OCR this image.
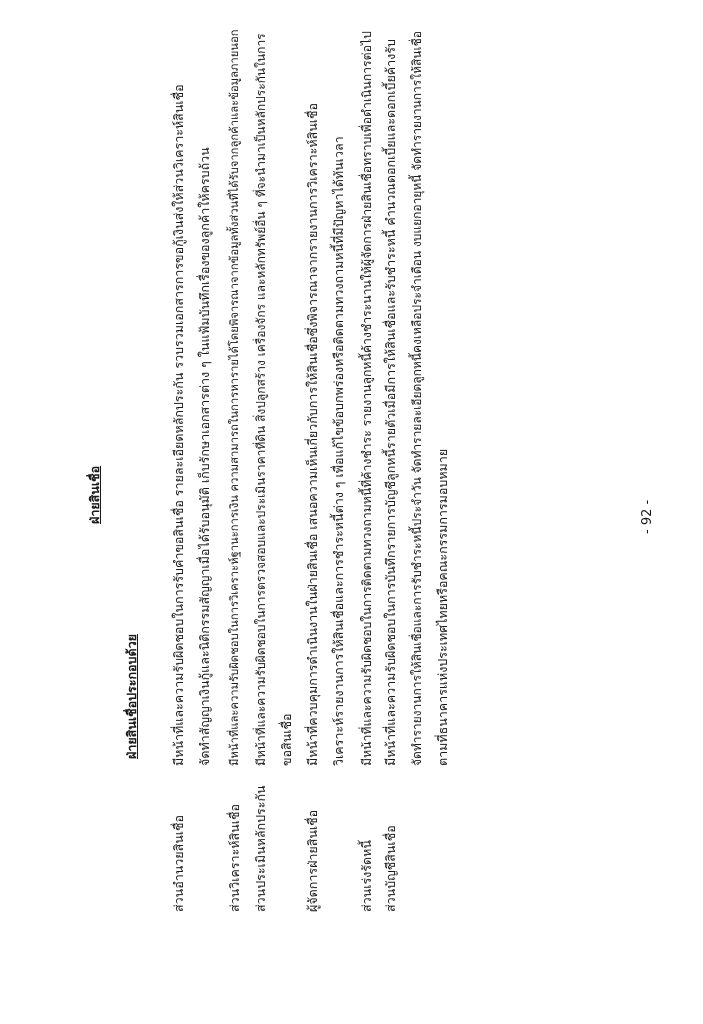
ฝ่ายสินเชื่อ
ฝ่ายสินเชื่อประกอบด้วย
ส่วนอำนวยสินเชื่อ
มีหน้าที่และความรับผิดชอบในการรับคำขอสินเชื่อ รายละเอียดหลักประกัน รวบรวมเอกสารการขอกู้เงินส่งให้ส่วนวิเคราะห์สินเชื่อ จัดทำสัญญาเงินกู้และนิติกรรมสัญญาเมื่อได้รับอนุมัติ เก็บรักษาเอกสารต่าง ๆ ในแฟ้มบันทึกเรื่องของลูกค้าให้ครบถ้วน
ส่วนวิเคราะห์สินเชื่อ
มีหน้าที่และความรับผิดชอบในการวิเคราะห์ฐานะการเงิน ความสามารถในการหารายได้โดยพิจารณาจากข้อมูลทั้งส่วนที่ได้รับจากลูกค้าและข้อมูลภายนอก
ส่วนประเมินหลักประกัน
มีหน้าที่และความรับผิดชอบในการตรวจสอบและประเมินราคาที่ดิน สิ่งปลูกสร้าง เครื่องจักร และหลักทรัพย์อื่น ๆ ที่จะนำมาเป็นหลักประกันในการ ขอสินเชื่อ
ผู้จัดการฝ่ายสินเชื่อ
มีหน้าที่ควบคุมการดำเนินงานในฝ่ายสินเชื่อ เสนอความเห็นเกี่ยวกับการให้สินเชื่อซึ่งพิจารณาจากรายงานการวิเคราะห์สินเชื่อ วิเคราะห์รายงานการให้สินเชื่อและการชำระหนี้ต่าง ๆ เพื่อแก้ไขข้อบกพร่องหรือติดตามทวงถามหนี้ที่มีปัญหาได้ทันเวลา
ส่วนเร่งรัดหนี้
มีหน้าที่และความรับผิดชอบในการติดตามทวงถามหนี้ที่ค้างชำระ รายงานลูกหนี้ค้างชำระนานให้ผู้จัดการฝ่ายสินเชื่อทราบเพื่อดำเนินการต่อไป
ส่วนบัญชีสินเชื่อ
มีหน้าที่และความรับผิดชอบในการบันทึกรายการบัญชีลูกหนี้รายตัวเมื่อมีการให้สินเชื่อและรับชำระหนี้ คำนวณดอกเบี้ยและดอกเบี้ยค้างรับ จัดทำรายงานการให้สินเชื่อและการรับชำระหนี้ประจำวัน จัดทำรายละเอียดลูกหนี้คงเหลือประจำเดือน งบแยกอายุหนี้ จัดทำรายงานการให้สินเชื่อ ตามที่ธนาคารแห่งประเทศไทยหรือคณะกรรมการมอบหมาย	- 92 -
